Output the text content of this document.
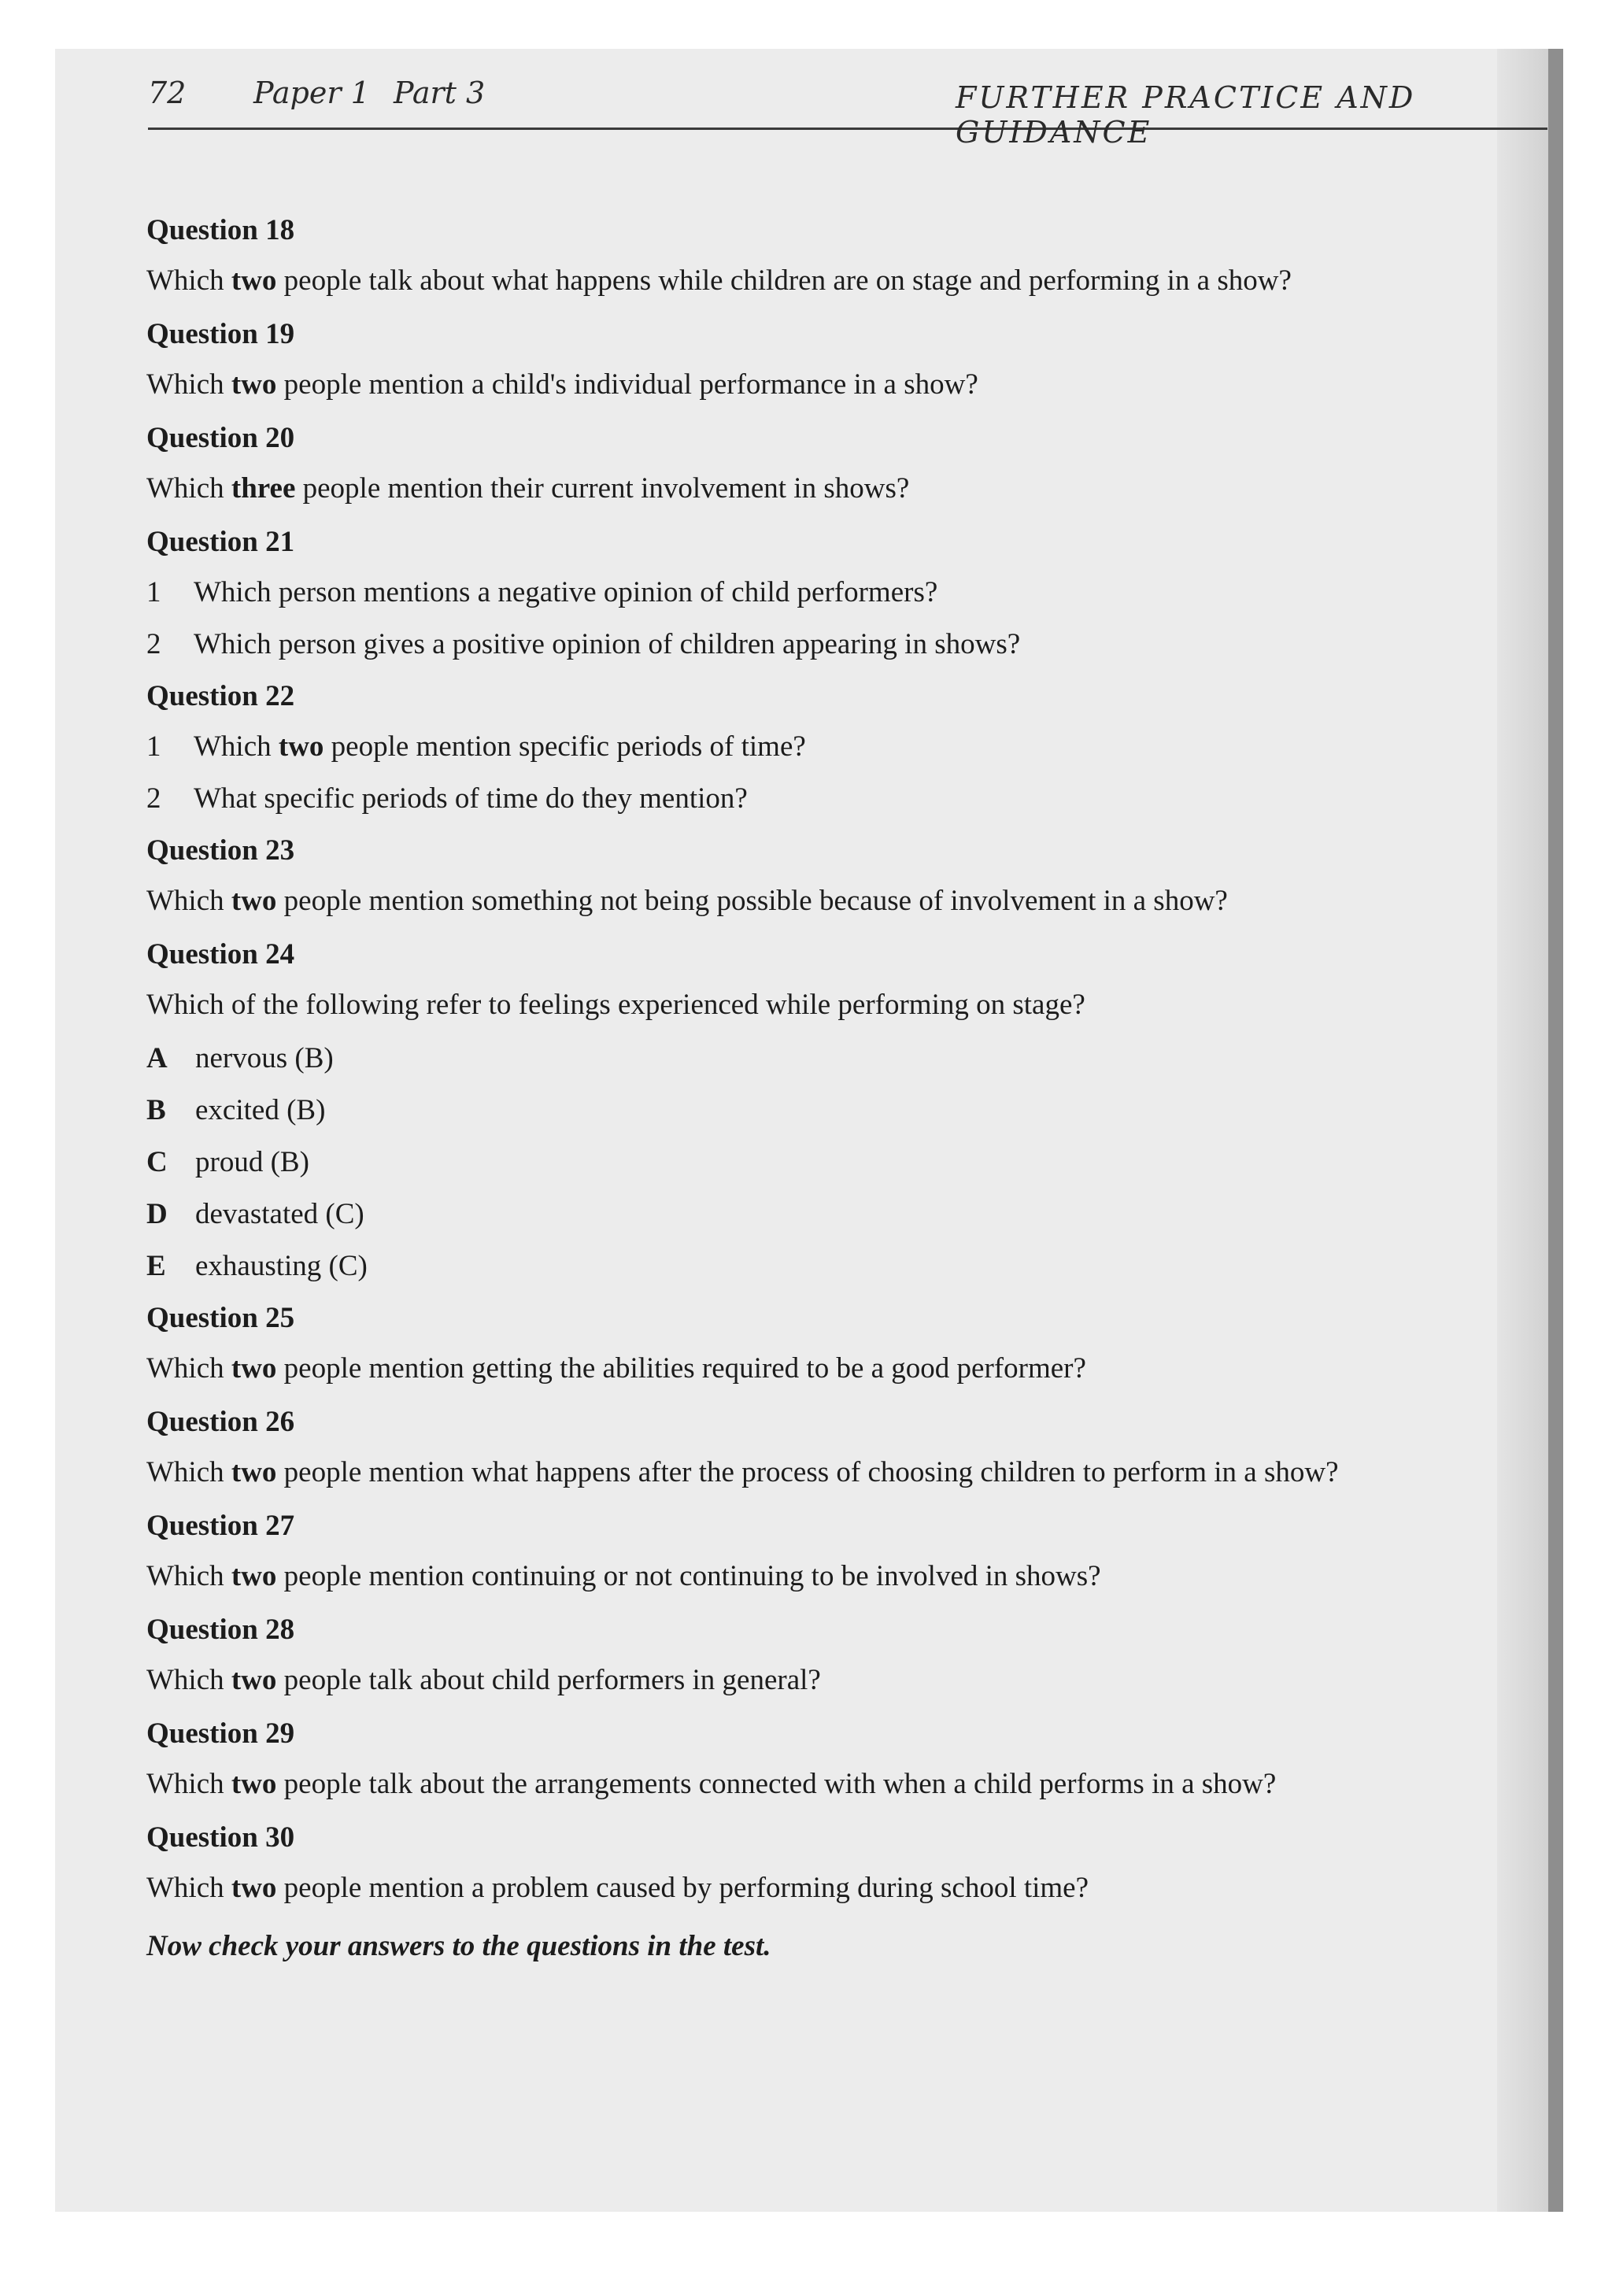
72 Paper 1 Part 3	FURTHER PRACTICE AND GUIDANCE

Question 18

Which two people talk about what happens while children are on stage and performing in a show?

Question 19

Which two people mention a child's individual performance in a show?

Question 20

Which three people mention their current involvement in shows?

Question 21

1	Which person mentions a negative opinion of child performers?
2	Which person gives a positive opinion of children appearing in shows?

Question 22

1	Which two people mention specific periods of time?
2	What specific periods of time do they mention?

Question 23

Which two people mention something not being possible because of involvement in a show?

Question 24

Which of the following refer to feelings experienced while performing on stage?

A nervous (B)
B	excited (B)
C proud (B)
D devastated (C)
E	exhausting (C)

Question 25

Which two people mention getting the abilities required to be a good performer?

Question 26

Which two people mention what happens after the process of choosing children to perform in a show?

Question 27

Which two people mention continuing or not continuing to be involved in shows?

Question 28

Which two people talk about child performers in general?

Question 29

Which two people talk about the arrangements connected with when a child performs in a show?

Question 30

Which two people mention a problem caused by performing during school time?

Now check your answers to the questions in the test.
